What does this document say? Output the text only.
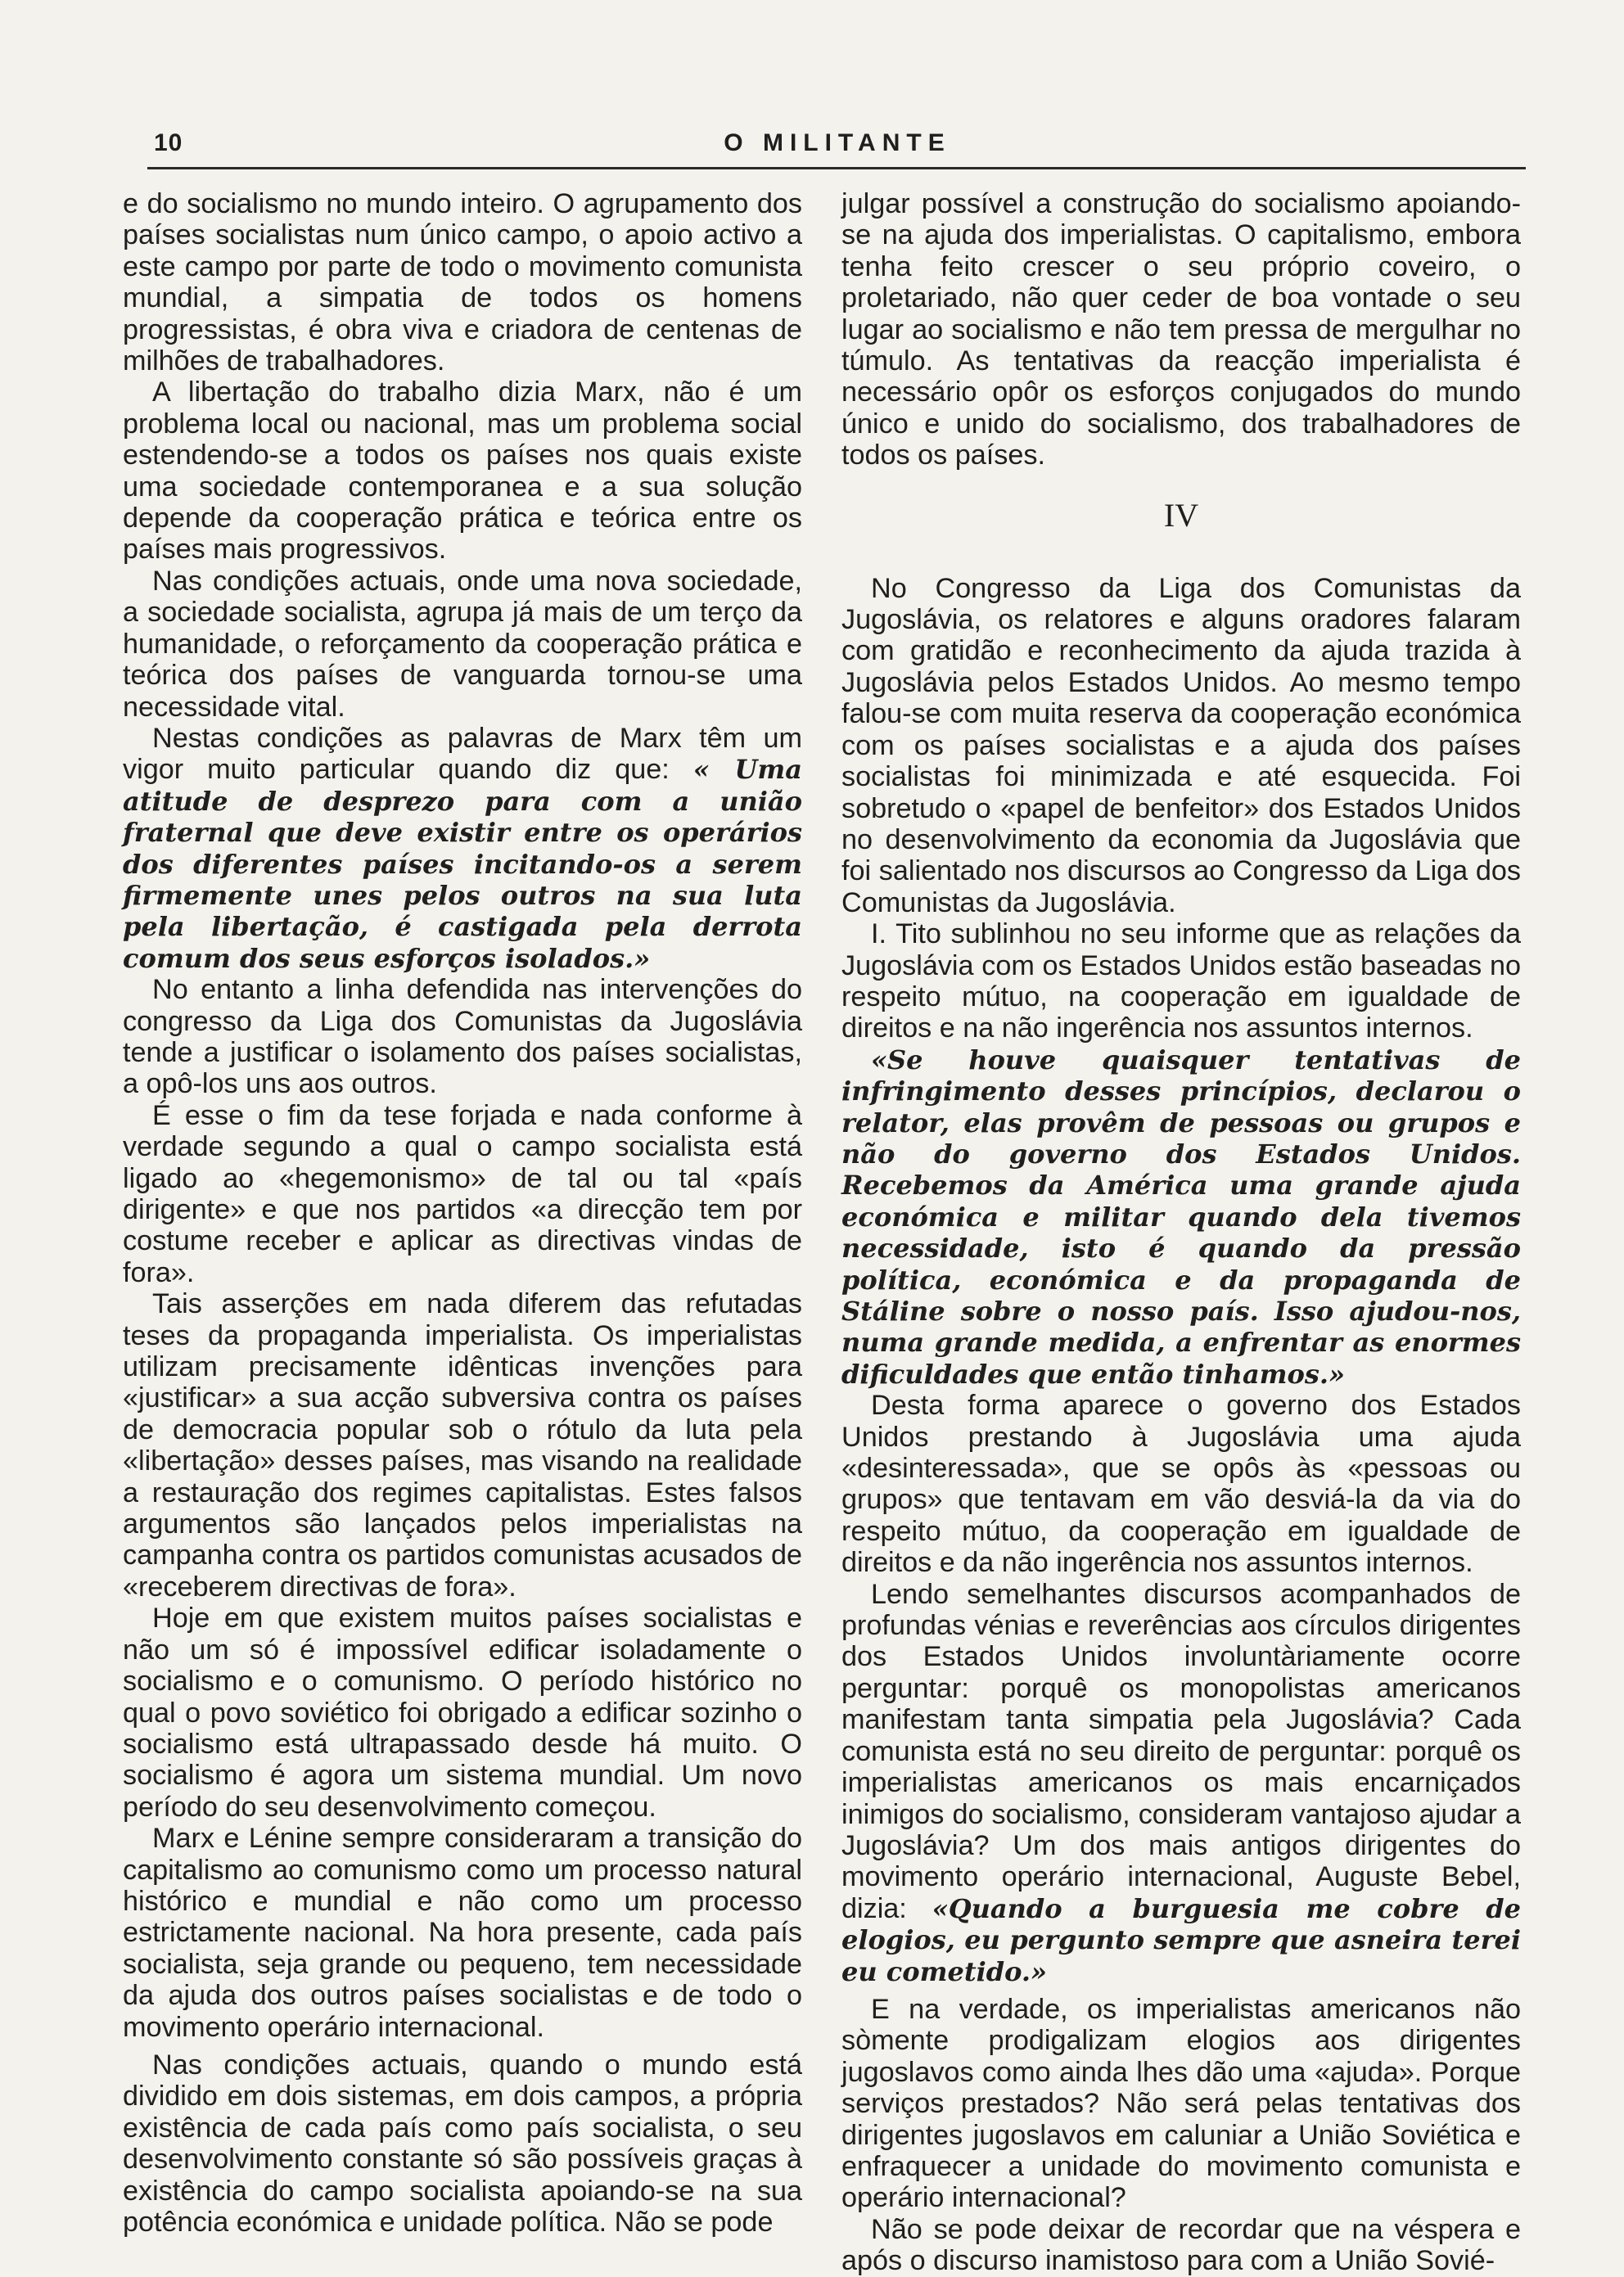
10	O MILITANTE

e do socialismo no mundo inteiro. O agrupamento dos países socialistas num único campo, o apoio activo a este campo por parte de todo o movimento comunista mundial, a simpatia de todos os homens progressistas, é obra viva e criadora de centenas de milhões de trabalhadores.

A libertação do trabalho dizia Marx, não é um problema local ou nacional, mas um problema social estendendo-se a todos os países nos quais existe uma sociedade contemporanea e a sua solução depende da cooperação prática e teórica entre os países mais progressivos.

Nas condições actuais, onde uma nova sociedade, a sociedade socialista, agrupa já mais de um terço da humanidade, o reforçamento da cooperação prática e teórica dos países de vanguarda tornou-se uma necessidade vital.

Nestas condições as palavras de Marx têm um vigor muito particular quando diz que: « Uma atitude de desprezo para com a união fraternal que deve existir entre os operários dos diferentes países incitando-os a serem firmemente unes pelos outros na sua luta pela libertação, é castigada pela derrota comum dos seus esforços isolados.»

No entanto a linha defendida nas intervenções do congresso da Liga dos Comunistas da Jugoslávia tende a justificar o isolamento dos países socialistas, a opô-los uns aos outros.

É esse o fim da tese forjada e nada conforme à verdade segundo a qual o campo socialista está ligado ao «hegemonismo» de tal ou tal «país dirigente» e que nos partidos «a direcção tem por costume receber e aplicar as directivas vindas de fora».

Tais asserções em nada diferem das refutadas teses da propaganda imperialista. Os imperialistas utilizam precisamente idênticas invenções para «justificar» a sua acção subversiva contra os países de democracia popular sob o rótulo da luta pela «libertação» desses países, mas visando na realidade a restauração dos regimes capitalistas. Estes falsos argumentos são lançados pelos imperialistas na campanha contra os partidos comunistas acusados de «receberem directivas de fora».

Hoje em que existem muitos países socialistas e não um só é impossível edificar isoladamente o socialismo e o comunismo. O período histórico no qual o povo soviético foi obrigado a edificar sozinho o socialismo está ultrapassado desde há muito. O socialismo é agora um sistema mundial. Um novo período do seu desenvolvimento começou.

Marx e Lénine sempre consideraram a transição do capitalismo ao comunismo como um processo natural histórico e mundial e não como um processo estrictamente nacional. Na hora presente, cada país socialista, seja grande ou pequeno, tem necessidade da ajuda dos outros países socialistas e de todo o movimento operário internacional.

Nas condições actuais, quando o mundo está dividido em dois sistemas, em dois campos, a própria existência de cada país como país socialista, o seu desenvolvimento constante só são possíveis graças à existência do campo socialista apoiando-se na sua potência económica e unidade política. Não se pode

julgar possível a construção do socialismo apoiando-se na ajuda dos imperialistas. O capitalismo, embora tenha feito crescer o seu próprio coveiro, o proletariado, não quer ceder de boa vontade o seu lugar ao socialismo e não tem pressa de mergulhar no túmulo. As tentativas da reacção imperialista é necessário opôr os esforços conjugados do mundo único e unido do socialismo, dos trabalhadores de todos os países.

IV

No Congresso da Liga dos Comunistas da Jugoslávia, os relatores e alguns oradores falaram com gratidão e reconhecimento da ajuda trazida à Jugoslávia pelos Estados Unidos. Ao mesmo tempo falou-se com muita reserva da cooperação económica com os países socialistas e a ajuda dos países socialistas foi minimizada e até esquecida. Foi sobretudo o «papel de benfeitor» dos Estados Unidos no desenvolvimento da economia da Jugoslávia que foi salientado nos discursos ao Congresso da Liga dos Comunistas da Jugoslávia.

I. Tito sublinhou no seu informe que as relações da Jugoslávia com os Estados Unidos estão baseadas no respeito mútuo, na cooperação em igualdade de direitos e na não ingerência nos assuntos internos.

«Se houve quaisquer tentativas de infringimento desses princípios, declarou o relator, elas provêm de pessoas ou grupos e não do governo dos Estados Unidos. Recebemos da América uma grande ajuda económica e militar quando dela tivemos necessidade, isto é quando da pressão política, económica e da propaganda de Stáline sobre o nosso país. Isso ajudou-nos, numa grande medida, a enfrentar as enormes dificuldades que então tinhamos.»

Desta forma aparece o governo dos Estados Unidos prestando à Jugoslávia uma ajuda «desinteressada», que se opôs às «pessoas ou grupos» que tentavam em vão desviá-la da via do respeito mútuo, da cooperação em igualdade de direitos e da não ingerência nos assuntos internos.

Lendo semelhantes discursos acompanhados de profundas vénias e reverências aos círculos dirigentes dos Estados Unidos involuntàriamente ocorre perguntar: porquê os monopolistas americanos manifestam tanta simpatia pela Jugoslávia? Cada comunista está no seu direito de perguntar: porquê os imperialistas americanos os mais encarniçados inimigos do socialismo, consideram vantajoso ajudar a Jugoslávia? Um dos mais antigos dirigentes do movimento operário internacional, Auguste Bebel, dizia: «Quando a burguesia me cobre de elogios, eu pergunto sempre que asneira terei eu cometido.»

E na verdade, os imperialistas americanos não sòmente prodigalizam elogios aos dirigentes jugoslavos como ainda lhes dão uma «ajuda». Porque serviços prestados? Não será pelas tentativas dos dirigentes jugoslavos em caluniar a União Soviética e enfraquecer a unidade do movimento comunista e operário internacional?

Não se pode deixar de recordar que na véspera e após o discurso inamistoso para com a União Sovié-
